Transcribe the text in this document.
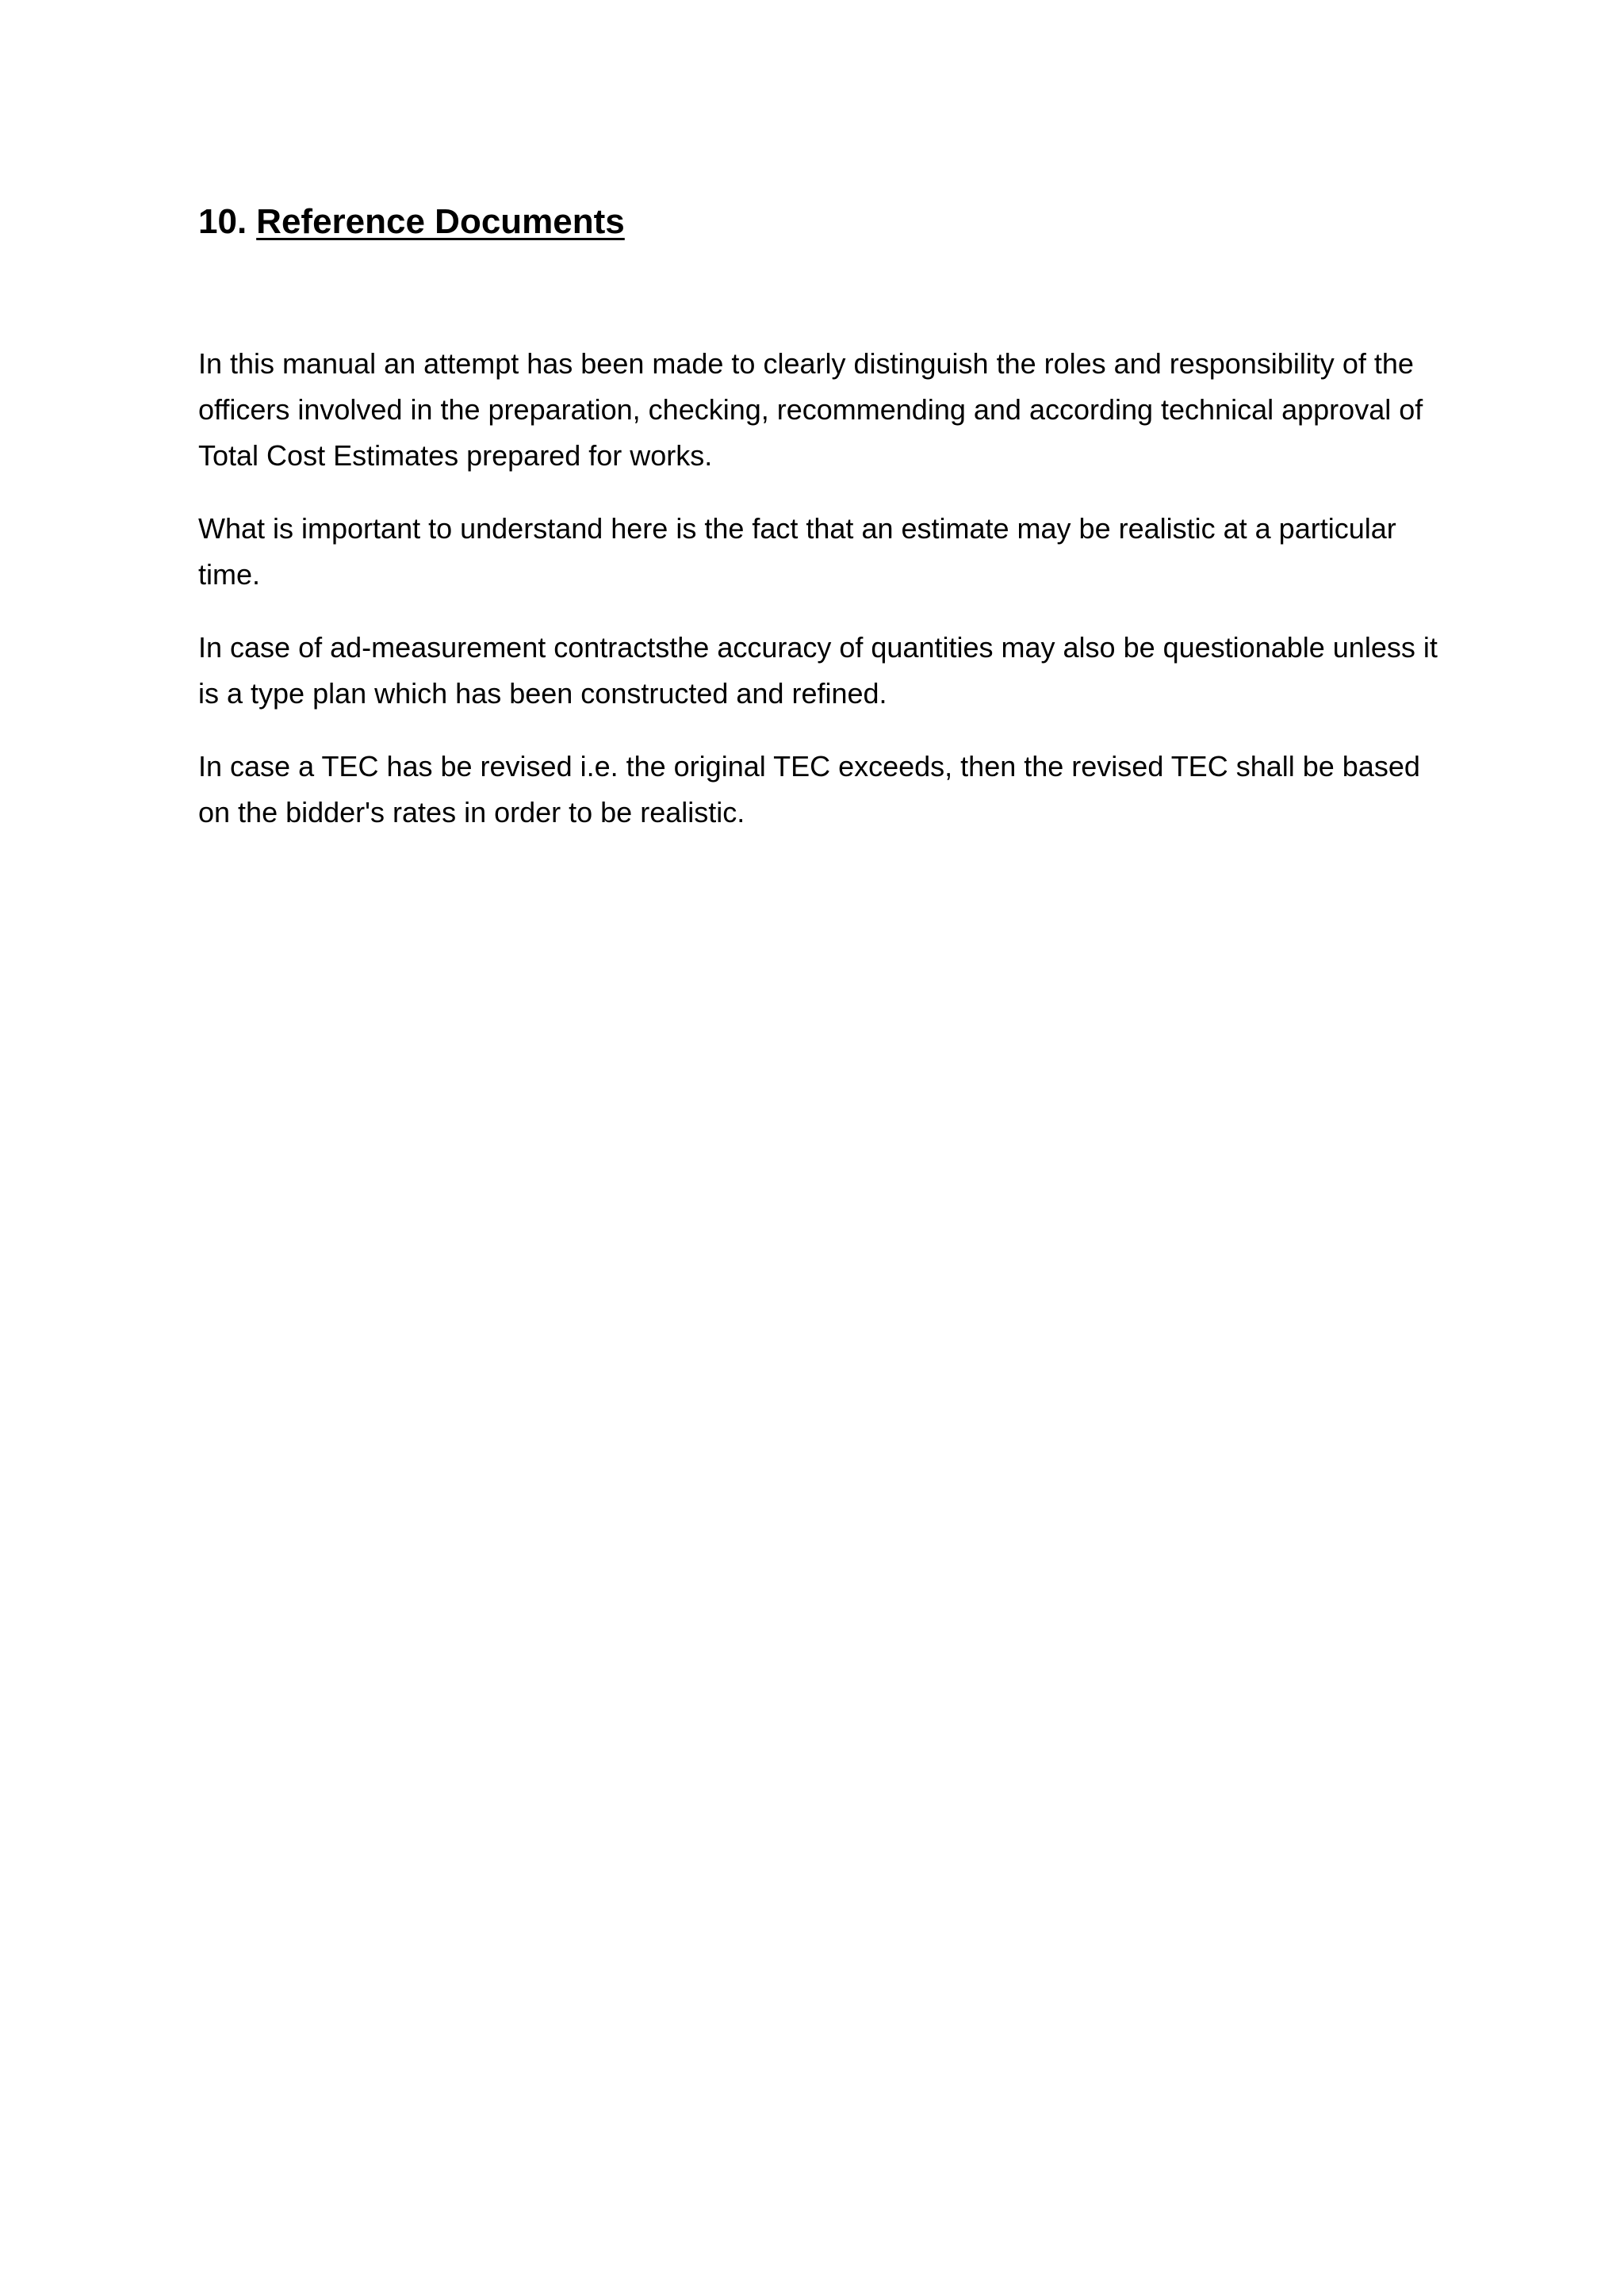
10. Reference Documents

In this manual an attempt has been made to clearly distinguish the roles and responsibility of the officers involved in the preparation, checking, recommending and according technical approval of Total Cost Estimates prepared for works.

What is important to understand here is the fact that an estimate may be realistic at a particular time.

In case of ad-measurement contractsthe accuracy of quantities may also be questionable unless it is a type plan which has been constructed and refined.

In case a TEC has be revised i.e. the original TEC exceeds, then the revised TEC shall be based on the bidder's rates in order to be realistic.
